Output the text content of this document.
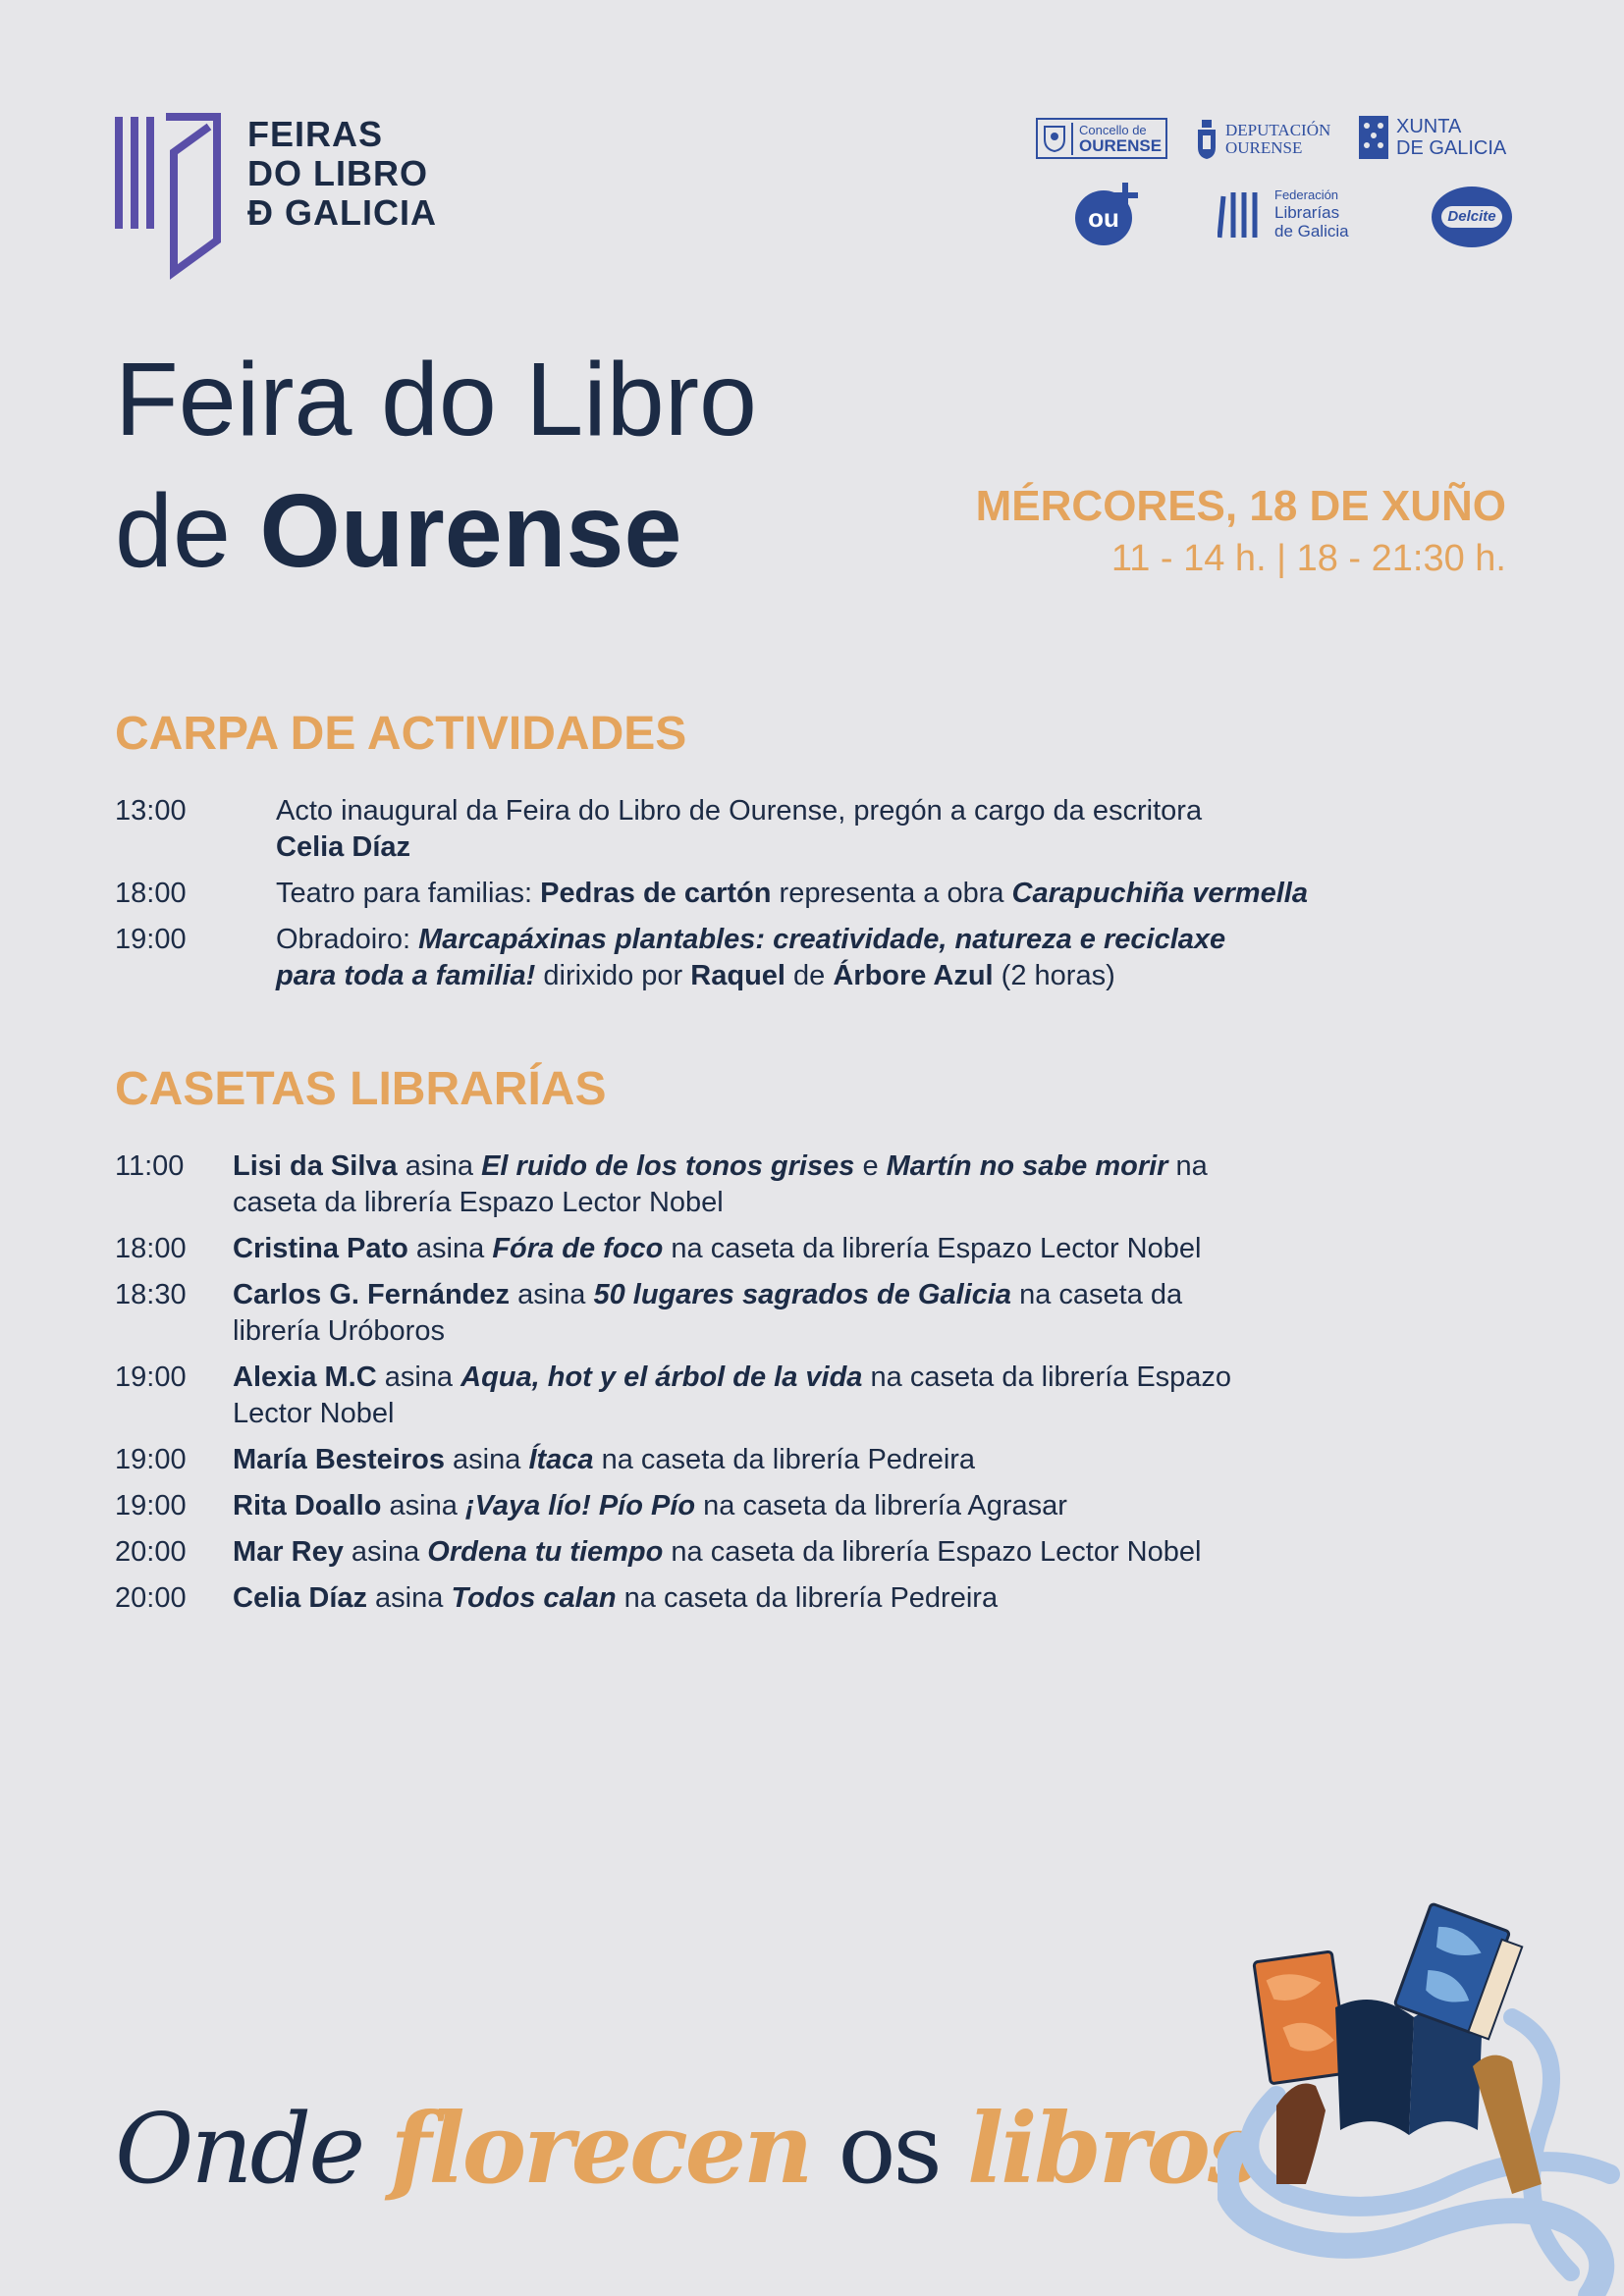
FEIRAS
DO LIBRO
Ð GALICIA
Concello de
OURENSE
DEPUTACIÓN
OURENSE
XUNTA
DE GALICIA
ou
Federación
Librarías
de Galicia
Delcite
Feira do Libro
de Ourense	MÉRCORES, 18 DE XUÑO
11 - 14 h. | 18 - 21:30 h.
CARPA DE ACTIVIDADES
13:00	Acto inaugural da Feira do Libro de Ourense, pregón a cargo da escritora Celia Díaz
18:00	Teatro para familias: Pedras de cartón representa a obra Carapuchiña vermella
19:00	Obradoiro: Marcapáxinas plantables: creatividade, natureza e reciclaxe para toda a familia! dirixido por Raquel de Árbore Azul (2 horas)
CASETAS LIBRARÍAS
11:00	Lisi da Silva asina El ruido de los tonos grises e Martín no sabe morir na caseta da librería Espazo Lector Nobel
18:00	Cristina Pato asina Fóra de foco na caseta da librería Espazo Lector Nobel
18:30	Carlos G. Fernández asina 50 lugares sagrados de Galicia na caseta da librería Uróboros
19:00	Alexia M.C asina Aqua, hot y el árbol de la vida na caseta da librería Espazo Lector Nobel
19:00	María Besteiros asina Ítaca na caseta da librería Pedreira
19:00	Rita Doallo asina ¡Vaya lío! Pío Pío na caseta da librería Agrasar
20:00	Mar Rey asina Ordena tu tiempo na caseta da librería Espazo Lector Nobel
20:00	Celia Díaz asina Todos calan na caseta da librería Pedreira
Onde florecen os libros
